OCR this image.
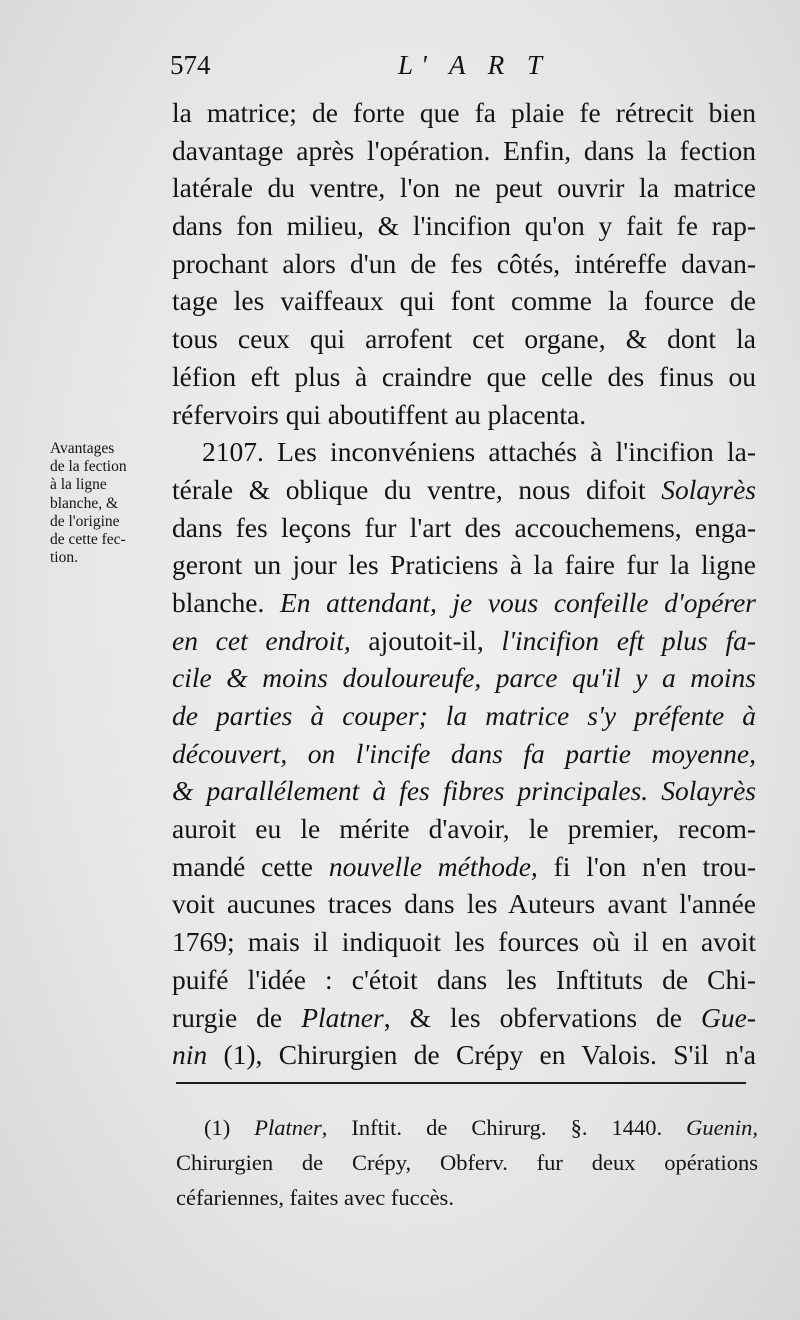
574	L' A R T
Avantages
de la fection
à la ligne
blanche, &
de l'origine
de cette fec-
tion.
la matrice; de forte que fa plaie fe rétrecit bien
davantage après l'opération. Enfin, dans la fection
latérale du ventre, l'on ne peut ouvrir la matrice
dans fon milieu, & l'incifion qu'on y fait fe rap-
prochant alors d'un de fes côtés, intéreffe davan-
tage les vaiffeaux qui font comme la fource de
tous ceux qui arrofent cet organe, & dont la
léfion eft plus à craindre que celle des finus ou
réfervoirs qui aboutiffent au placenta.
2107. Les inconvéniens attachés à l'incifion la-
térale & oblique du ventre, nous difoit Solayrès
dans fes leçons fur l'art des accouchemens, enga-
geront un jour les Praticiens à la faire fur la ligne
blanche. En attendant, je vous confeille d'opérer
en cet endroit, ajoutoit-il, l'incifion eft plus fa-
cile & moins douloureufe, parce qu'il y a moins
de parties à couper; la matrice s'y préfente à
découvert, on l'incife dans fa partie moyenne,
& parallélement à fes fibres principales. Solayrès
auroit eu le mérite d'avoir, le premier, recom-
mandé cette nouvelle méthode, fi l'on n'en trou-
voit aucunes traces dans les Auteurs avant l'année
1769; mais il indiquoit les fources où il en avoit
puifé l'idée : c'étoit dans les Inftituts de Chi-
rurgie de Platner, & les obfervations de Gue-
nin (1), Chirurgien de Crépy en Valois. S'il n'a
(1) Platner, Inftit. de Chirurg. §. 1440. Guenin,
Chirurgien de Crépy, Obferv. fur deux opérations
céfariennes, faites avec fuccès.
